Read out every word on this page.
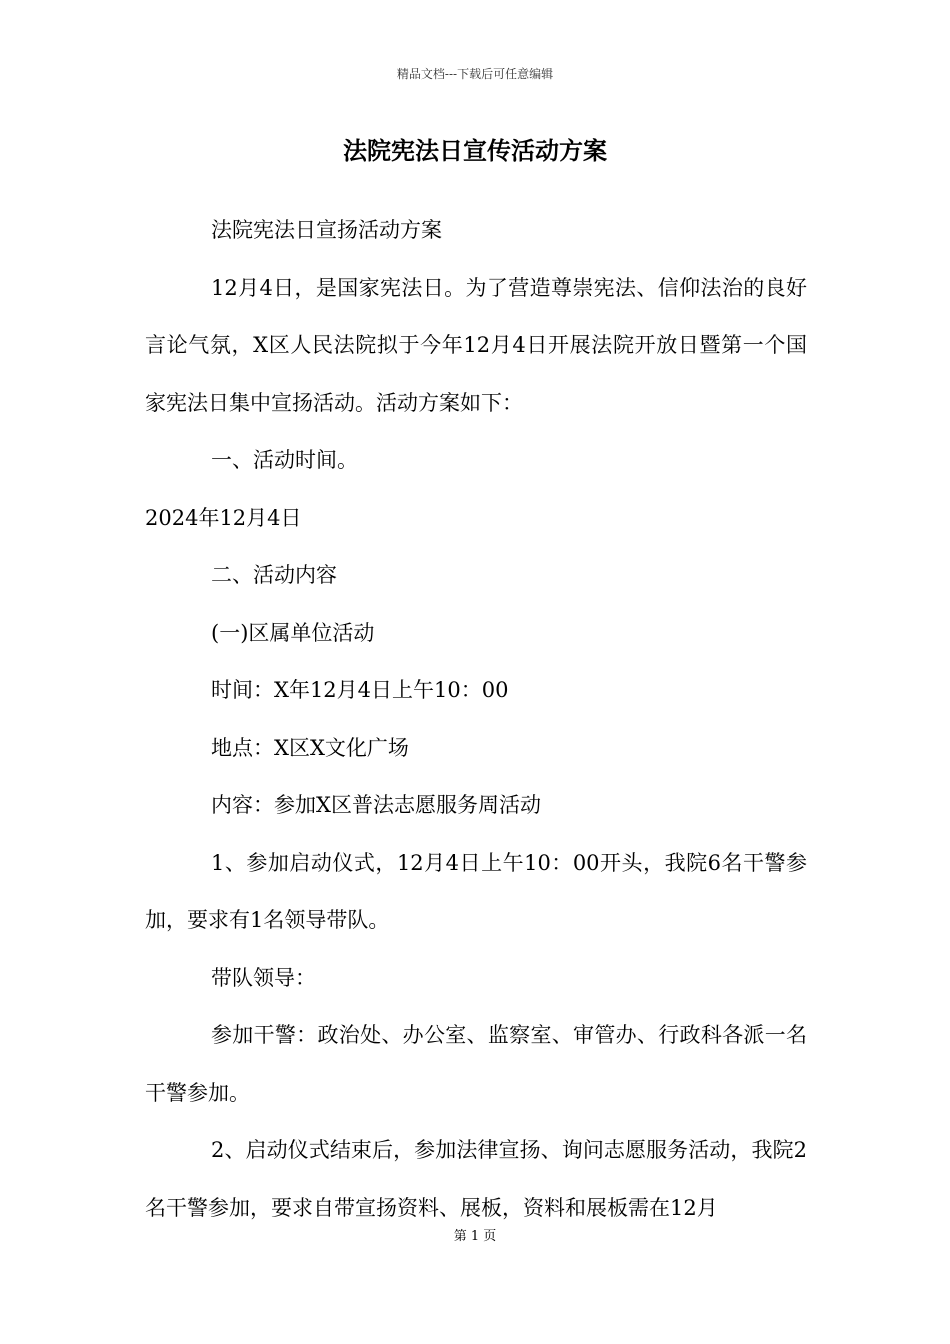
精品文档---下载后可任意编辑
法院宪法日宣传活动方案

法院宪法日宣扬活动方案

12月4日，是国家宪法日。为了营造尊崇宪法、信仰法治的良好言论气氛，X区人民法院拟于今年12月4日开展法院开放日暨第一个国家宪法日集中宣扬活动。活动方案如下：

一、活动时间。

2024年12月4日

二、活动内容

(一)区属单位活动

时间：X年12月4日上午10：00

地点：X区X文化广场

内容：参加X区普法志愿服务周活动

1、参加启动仪式，12月4日上午10：00开头，我院6名干警参加，要求有1名领导带队。

带队领导：

参加干警：政治处、办公室、监察室、审管办、行政科各派一名干警参加。

2、启动仪式结束后，参加法律宣扬、询问志愿服务活动，我院2名干警参加，要求自带宣扬资料、展板，资料和展板需在12月

第 1 页
